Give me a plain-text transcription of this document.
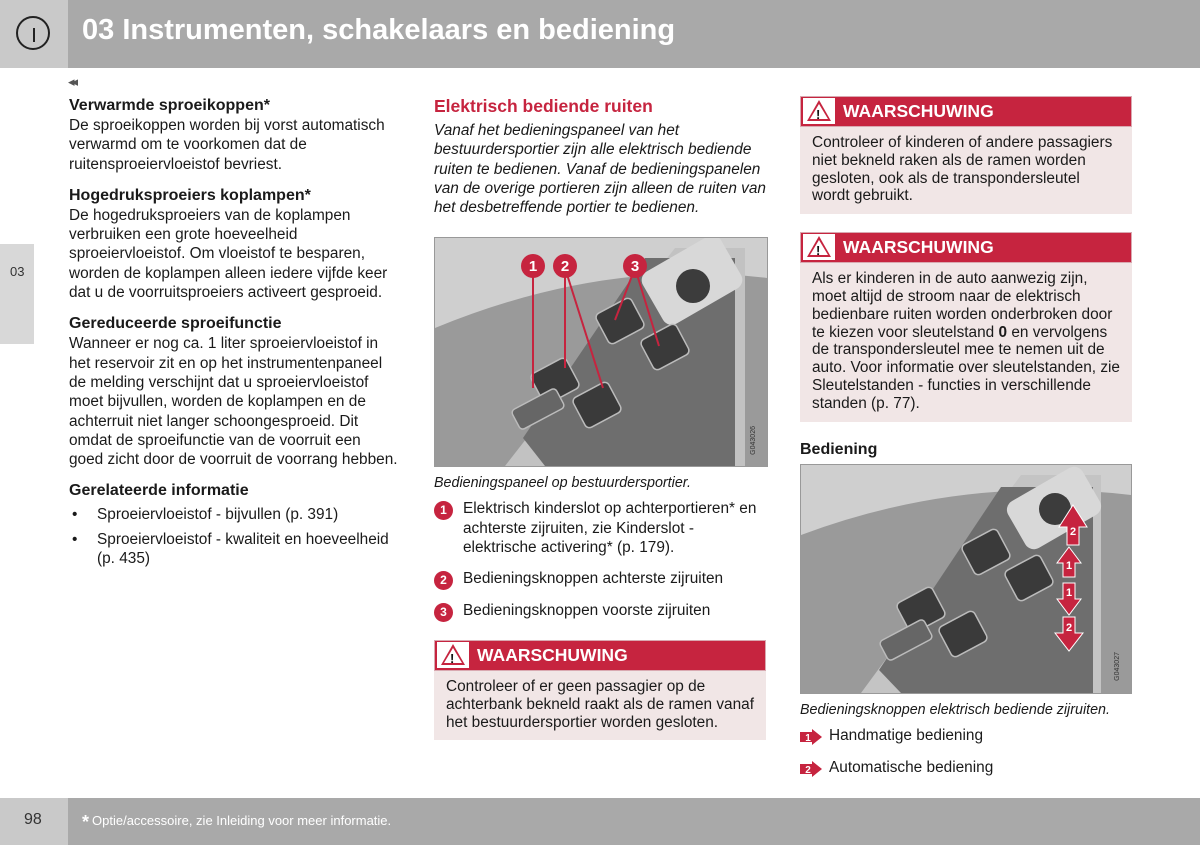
03 Instrumenten, schakelaars en bediening
◂◂
03
Verwarmde sproeikoppen*

De sproeikoppen worden bij vorst automatisch verwarmd om te voorkomen dat de ruitensproeiervloeistof bevriest.

Hogedruksproeiers koplampen*

De hogedruksproeiers van de koplampen verbruiken een grote hoeveelheid sproeiervloeistof. Om vloeistof te besparen, worden de koplampen alleen iedere vijfde keer dat u de voorruitsproeiers activeert gesproeid.

Gereduceerde sproeifunctie

Wanneer er nog ca. 1 liter sproeiervloeistof in het reservoir zit en op het instrumentenpaneel de melding verschijnt dat u sproeiervloeistof moet bijvullen, worden de koplampen en de achterruit niet langer schoongesproeid. Dit omdat de sproeifunctie van de voorruit een goed zicht door de voorruit de voorrang hebben.

Gerelateerde informatie
• Sproeiervloeistof - bijvullen (p. 391)
• Sproeiervloeistof - kwaliteit en hoeveelheid (p. 435)
Elektrisch bediende ruiten

Vanaf het bedieningspaneel van het bestuurdersportier zijn alle elektrisch bediende ruiten te bedienen. Vanaf de bedieningspanelen van de overige portieren zijn alleen de ruiten van het desbetreffende portier te bedienen.

1 2	3
G043026
Bedieningspaneel op bestuurdersportier.
1	Elektrisch kinderslot op achterportieren* en achterste zijruiten, zie Kinderslot - elektrische activering* (p. 179).
2	Bedieningsknoppen achterste zijruiten
3	Bedieningsknoppen voorste zijruiten
! WAARSCHUWING
Controleer of er geen passagier op de achterbank bekneld raakt als de ramen vanaf het bestuurdersportier worden gesloten.
! WAARSCHUWING
Controleer of kinderen of andere passagiers niet bekneld raken als de ramen worden gesloten, ook als de transpondersleutel wordt gebruikt.
! WAARSCHUWING
Als er kinderen in de auto aanwezig zijn, moet altijd de stroom naar de elektrisch bedienbare ruiten worden onderbroken door te kiezen voor sleutelstand 0 en vervolgens de transpondersleutel mee te nemen uit de auto. Voor informatie over sleutelstanden, zie Sleutelstanden - functies in verschillende standen (p. 77).
Bediening
2
1
1
2
G043027
Bedieningsknoppen elektrisch bediende zijruiten.
1 Handmatige bediening
2 Automatische bediening
98 * Optie/accessoire, zie Inleiding voor meer informatie.
